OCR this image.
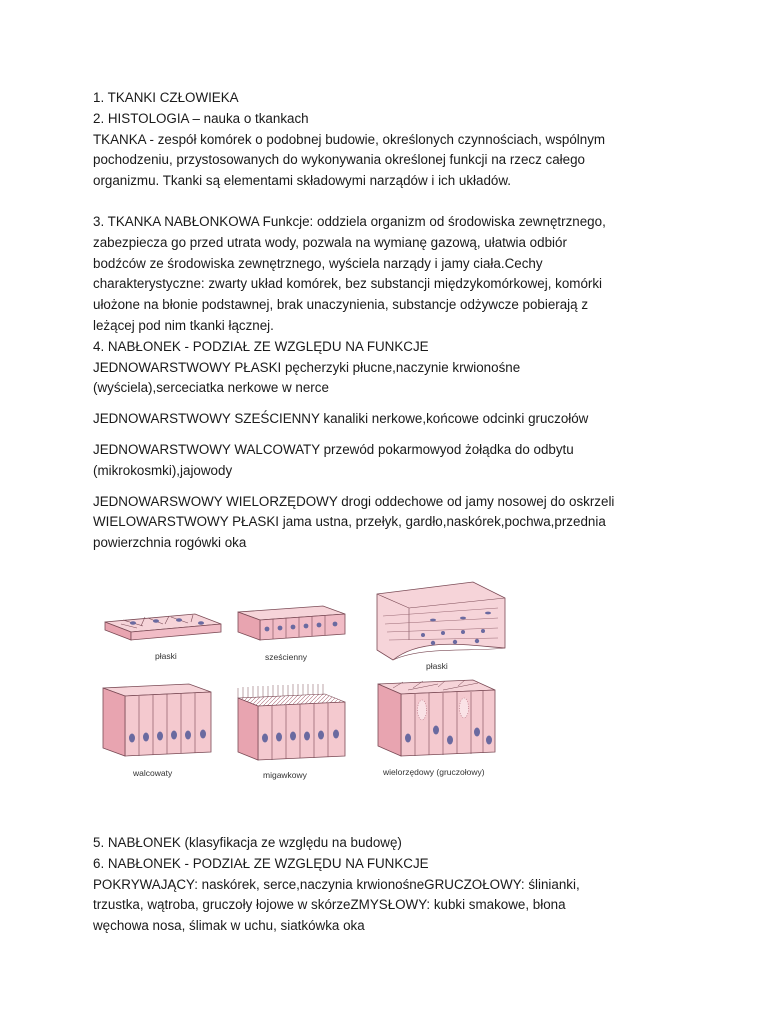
1. TKANKI CZŁOWIEKA
2. HISTOLOGIA – nauka o tkankach
TKANKA - zespół komórek o podobnej budowie, określonych czynnościach, wspólnym
pochodzeniu, przystosowanych do wykonywania określonej funkcji na rzecz całego
organizmu. Tkanki są elementami składowymi narządów i ich układów.
3. TKANKA NABŁONKOWA Funkcje: oddziela organizm od środowiska zewnętrznego,
zabezpiecza go przed utrata wody, pozwala na wymianę gazową, ułatwia odbiór
bodźców ze środowiska zewnętrznego, wyściela narządy i jamy ciała.Cechy
charakterystyczne: zwarty układ komórek, bez substancji międzykomórkowej, komórki
ułożone na błonie podstawnej, brak unaczynienia, substancje odżywcze pobierają z
leżącej pod nim tkanki łącznej.
4. NABŁONEK - PODZIAŁ ZE WZGLĘDU NA FUNKCJE
JEDNOWARSTWOWY PŁASKI pęcherzyki płucne,naczynie krwionośne
(wyściela),serceciatka nerkowe w nerce
JEDNOWARSTWOWY SZEŚCIENNY kanaliki nerkowe,końcowe odcinki gruczołów
JEDNOWARSTWOWY WALCOWATY przewód pokarmowyod żołądka do odbytu
(mikrokosmki),jajowody
JEDNOWARSWOWY WIELORZĘDOWY drogi oddechowe od jamy nosowej do oskrzeli
WIELOWARSTWOWY PŁASKI jama ustna, przełyk, gardło,naskórek,pochwa,przednia
powierzchnia rogówki oka
płaski	sześcienny
płaski
walcowaty	migawkowy	wielorzędowy (gruczołowy)
5. NABŁONEK (klasyfikacja ze względu na budowę)
6. NABŁONEK - PODZIAŁ ZE WZGLĘDU NA FUNKCJE
POKRYWAJĄCY: naskórek, serce,naczynia krwionośneGRUCZOŁOWY: ślinianki,
trzustka, wątroba, gruczoły łojowe w skórzeZMYSŁOWY: kubki smakowe, błona
węchowa nosa, ślimak w uchu, siatkówka oka
